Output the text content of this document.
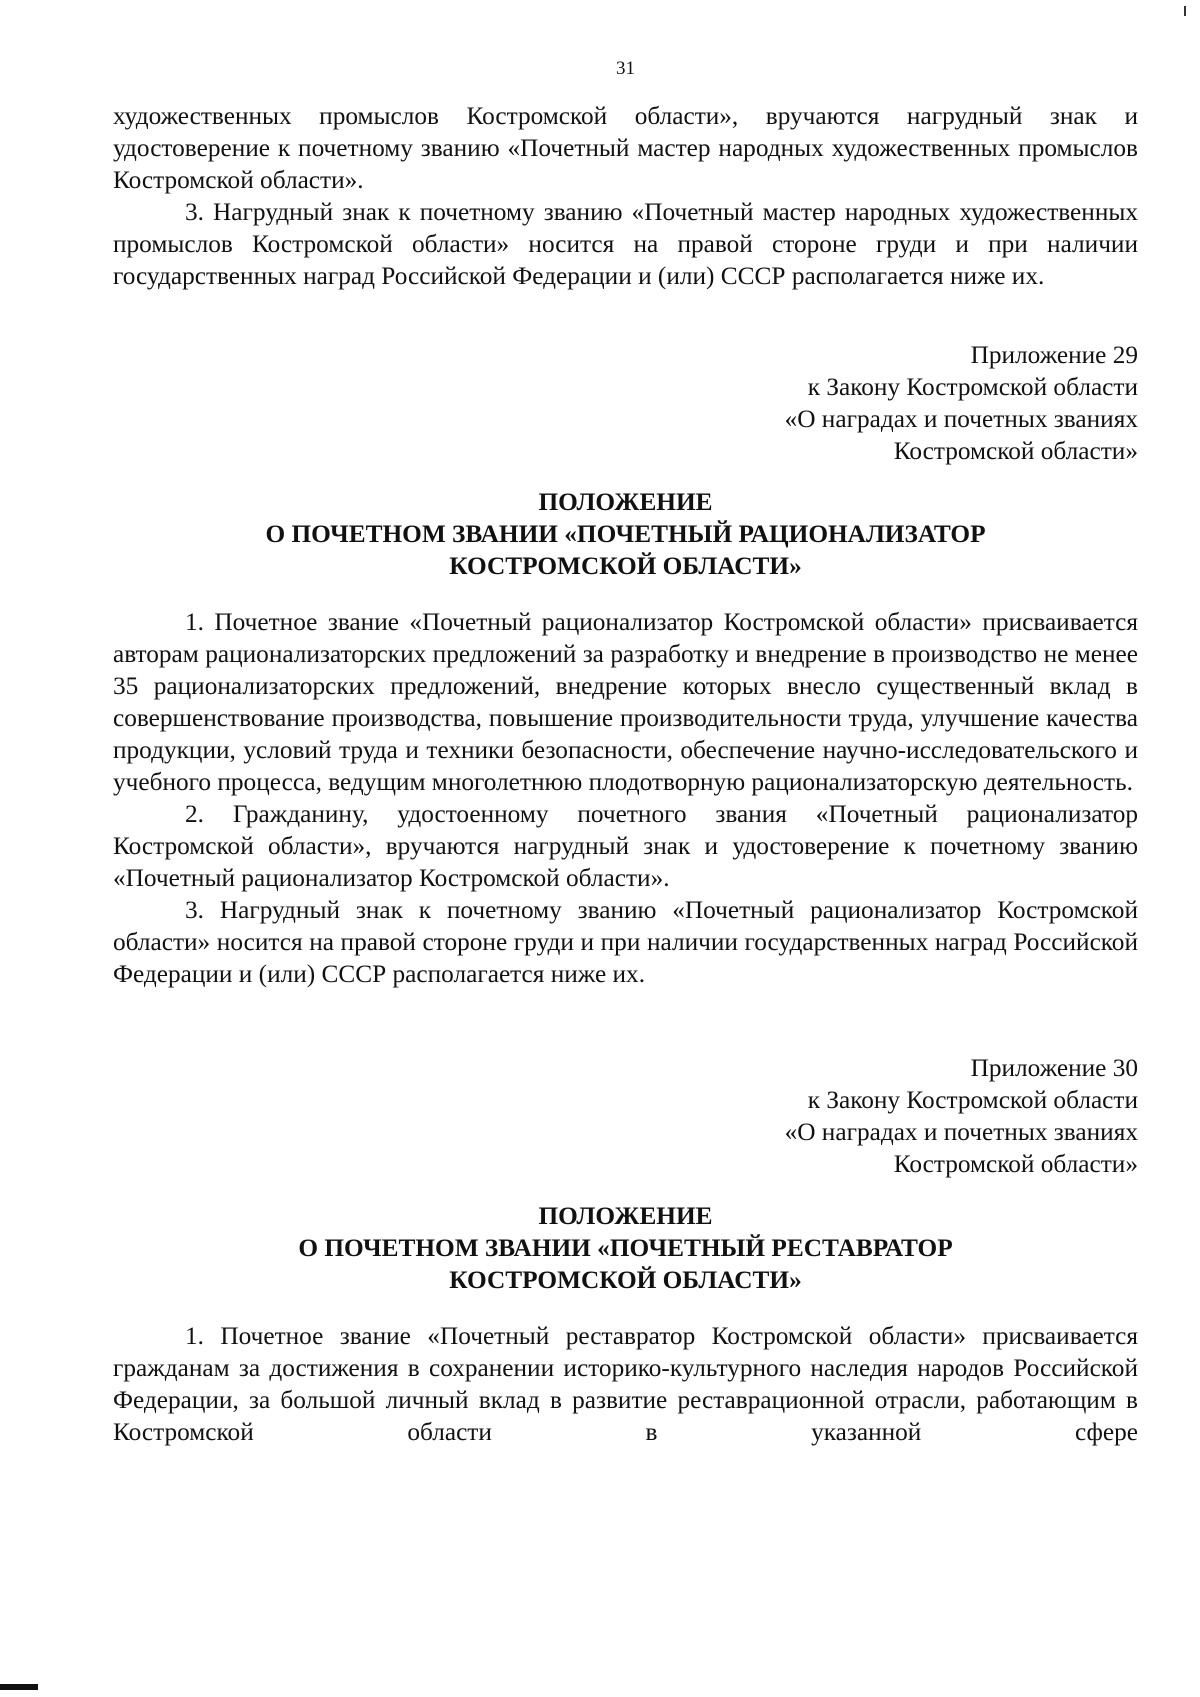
31

художественных промыслов Костромской области», вручаются нагрудный знак и удостоверение к почетному званию «Почетный мастер народных художественных промыслов Костромской области».

3. Нагрудный знак к почетному званию «Почетный мастер народных художественных промыслов Костромской области» носится на правой стороне груди и при наличии государственных наград Российской Федерации и (или) СССР располагается ниже их.

Приложение 29
к Закону Костромской области
«О наградах и почетных званиях
Костромской области»
ПОЛОЖЕНИЕ
О ПОЧЕТНОМ ЗВАНИИ «ПОЧЕТНЫЙ РАЦИОНАЛИЗАТОР
КОСТРОМСКОЙ ОБЛАСТИ»

1. Почетное звание «Почетный рационализатор Костромской области» присваивается авторам рационализаторских предложений за разработку и внедрение в производство не менее 35 рационализаторских предложений, внедрение которых внесло существенный вклад в совершенствование производства, повышение производительности труда, улучшение качества продукции, условий труда и техники безопасности, обеспечение научно-исследовательского и учебного процесса, ведущим многолетнюю плодотворную рационализаторскую деятельность.

2. Гражданину, удостоенному почетного звания «Почетный рационализатор Костромской области», вручаются нагрудный знак и удостоверение к почетному званию «Почетный рационализатор Костромской области».

3. Нагрудный знак к почетному званию «Почетный рационализатор Костромской области» носится на правой стороне груди и при наличии государственных наград Российской Федерации и (или) СССР располагается ниже их.

Приложение 30
к Закону Костромской области
«О наградах и почетных званиях
Костромской области»
ПОЛОЖЕНИЕ
О ПОЧЕТНОМ ЗВАНИИ «ПОЧЕТНЫЙ РЕСТАВРАТОР
КОСТРОМСКОЙ ОБЛАСТИ»

1. Почетное звание «Почетный реставратор Костромской области» присваивается гражданам за достижения в сохранении историко-культурного наследия народов Российской Федерации, за большой личный вклад в развитие реставрационной отрасли, работающим в Костромской области в указанной сфере
